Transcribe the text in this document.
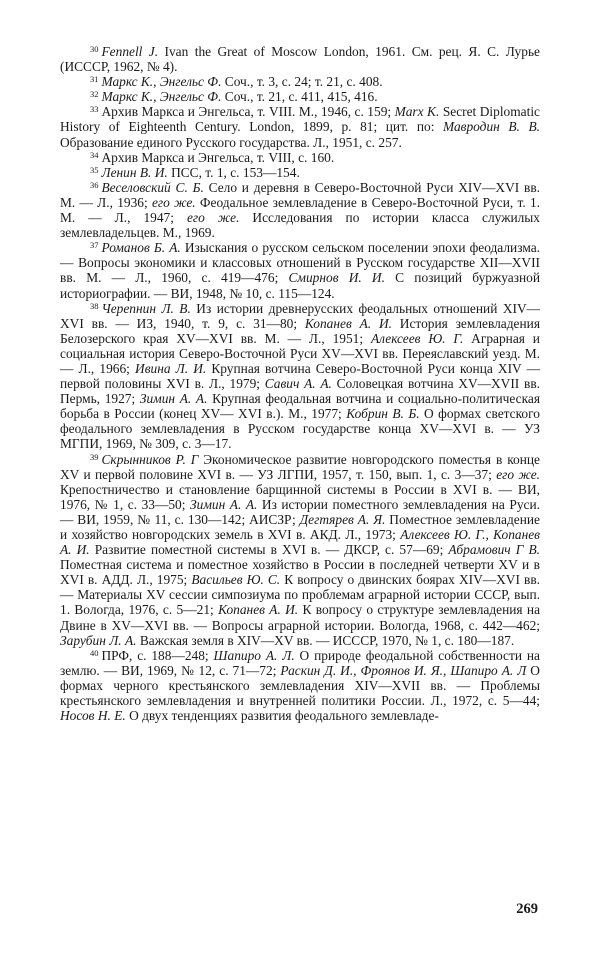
$^{30}$ Fennell J. Ivan the Great of Moscow London, 1961. См. рец. Я. С. Лурье (ИССCР, 1962, № 4).

$^{31}$ Маркс К., Энгельс Ф. Соч., т. 3, с. 24; т. 21, с. 408.

$^{32}$ Маркс К., Энгельс Ф. Соч., т. 21, с. 411, 415, 416.

$^{33}$ Архив Маркса и Энгельса, т. VIII. М., 1946, с. 159; Marx K. Secret Diplomatic History of Eighteenth Century. London, 1899, p. 81; цит. по: Мавродин В. В. Образование единого Русского государства. Л., 1951, с. 257.

$^{34}$ Архив Маркса и Энгельса, т. VIII, с. 160.

$^{35}$ Ленин В. И. ПСС, т. 1, с. 153—154.

$^{36}$ Веселовский С. Б. Село и деревня в Северо-Восточной Руси XIV—XVI вв. М. — Л., 1936; его же. Феодальное землевладение в Северо-Восточной Руси, т. 1. М. — Л., 1947; его же. Исследования по истории класса служилых землевладельцев. М., 1969.

$^{37}$ Романов Б. А. Изыскания о русском сельском поселении эпохи феодализма. — Вопросы экономики и классовых отношений в Русском государстве XII—XVII вв. М. — Л., 1960, с. 419—476; Смирнов И. И. С позиций буржуазной историографии. — ВИ, 1948, № 10, с. 115—124.

$^{38}$ Черепнин Л. В. Из истории древнерусских феодальных отношений XIV—XVI вв. — ИЗ, 1940, т. 9, с. 31—80; Копанев А. И. История землевладения Белозерского края XV—XVI вв. М. — Л., 1951; Алексеев Ю. Г. Аграрная и социальная история Северо-Восточной Руси XV—XVI вв. Переяславский уезд. М. — Л., 1966; Ивина Л. И. Крупная вотчина Северо-Восточной Руси конца XIV — первой половины XVI в. Л., 1979; Савич А. А. Соловецкая вотчина XV—XVII вв. Пермь, 1927; Зимин А. А. Крупная феодальная вотчина и социально-политическая борьба в России (конец XV— XVI в.). М., 1977; Кобрин В. Б. О формах светского феодального землевладения в Русском государстве конца XV—XVI в. — УЗ МГПИ, 1969, № 309, с. 3—17.

$^{39}$ Скрынников Р. Г Экономическое развитие новгородского поместья в конце XV и первой половине XVI в. — УЗ ЛГПИ, 1957, т. 150, вып. 1, с. 3—37; его же. Крепостничество и становление барщинной системы в России в XVI в. — ВИ, 1976, № 1, с. 33—50; Зимин А. А. Из истории поместного землевладения на Руси. — ВИ, 1959, № 11, с. 130—142; АИСЗР; Дегтярев А. Я. Поместное землевладение и хозяйство новгородских земель в XVI в. АКД. Л., 1973; Алексеев Ю. Г., Копанев А. И. Развитие поместной системы в XVI в. — ДКСР, с. 57—69; Абрамович Г В. Поместная система и поместное хозяйство в России в последней четверти XV и в XVI в. АДД. Л., 1975; Васильев Ю. С. К вопросу о двинских боярах XIV—XVI вв. — Материалы XV сессии симпозиума по проблемам аграрной истории СССР, вып. 1. Вологда, 1976, с. 5—21; Копанев А. И. К вопросу о структуре землевладения на Двине в XV—XVI вв. — Вопросы аграрной истории. Вологда, 1968, с. 442—462; Зарубин Л. А. Важская земля в XIV—XV вв. — ИССCР, 1970, № 1, с. 180—187.

$^{40}$ ПРФ, с. 188—248; Шапиро А. Л. О природе феодальной собственности на землю. — ВИ, 1969, № 12, с. 71—72; Раскин Д. И., Фроянов И. Я., Шапиро А. Л О формах черного крестьянского землевладения XIV—XVII вв. — Проблемы крестьянского землевладения и внутренней политики России. Л., 1972, с. 5—44; Носов Н. Е. О двух тенденциях развития феодального землевладе-

269
